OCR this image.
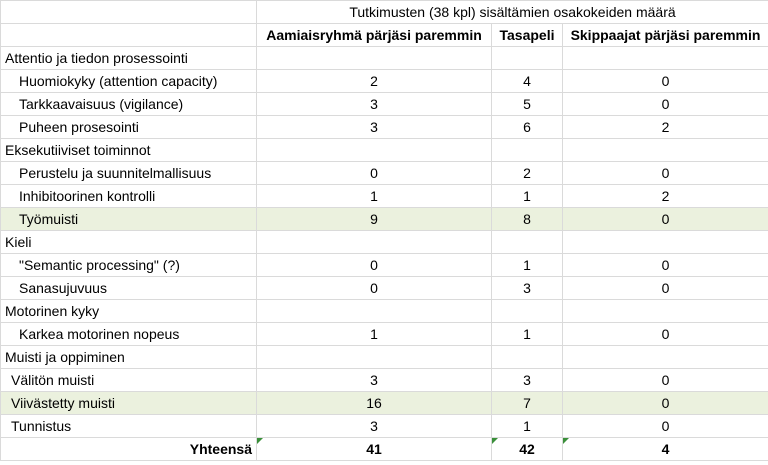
	Tutkimusten (38 kpl) sisältämien osakokeiden määrä		
	Aamiaisryhmä pärjäsi paremmin	Tasapeli	Skippaajat pärjäsi paremmin
Attentio ja tiedon prosessointi			
Huomiokyky (attention capacity)	2	4	0
Tarkkaavaisuus (vigilance)	3	5	0
Puheen prosesointi	3	6	2
Eksekutiiviset toiminnot			
Perustelu ja suunnitelmallisuus	0	2	0
Inhibitoorinen kontrolli	1	1	2
Työmuisti	9	8	0
Kieli			
"Semantic processing" (?)	0	1	0
Sanasujuvuus	0	3	0
Motorinen kyky			
Karkea motorinen nopeus	1	1	0
Muisti ja oppiminen			
Välitön muisti	3	3	0
Viivästetty muisti	16	7	0
Tunnistus	3	1	0
Yhteensä	41	42	4
